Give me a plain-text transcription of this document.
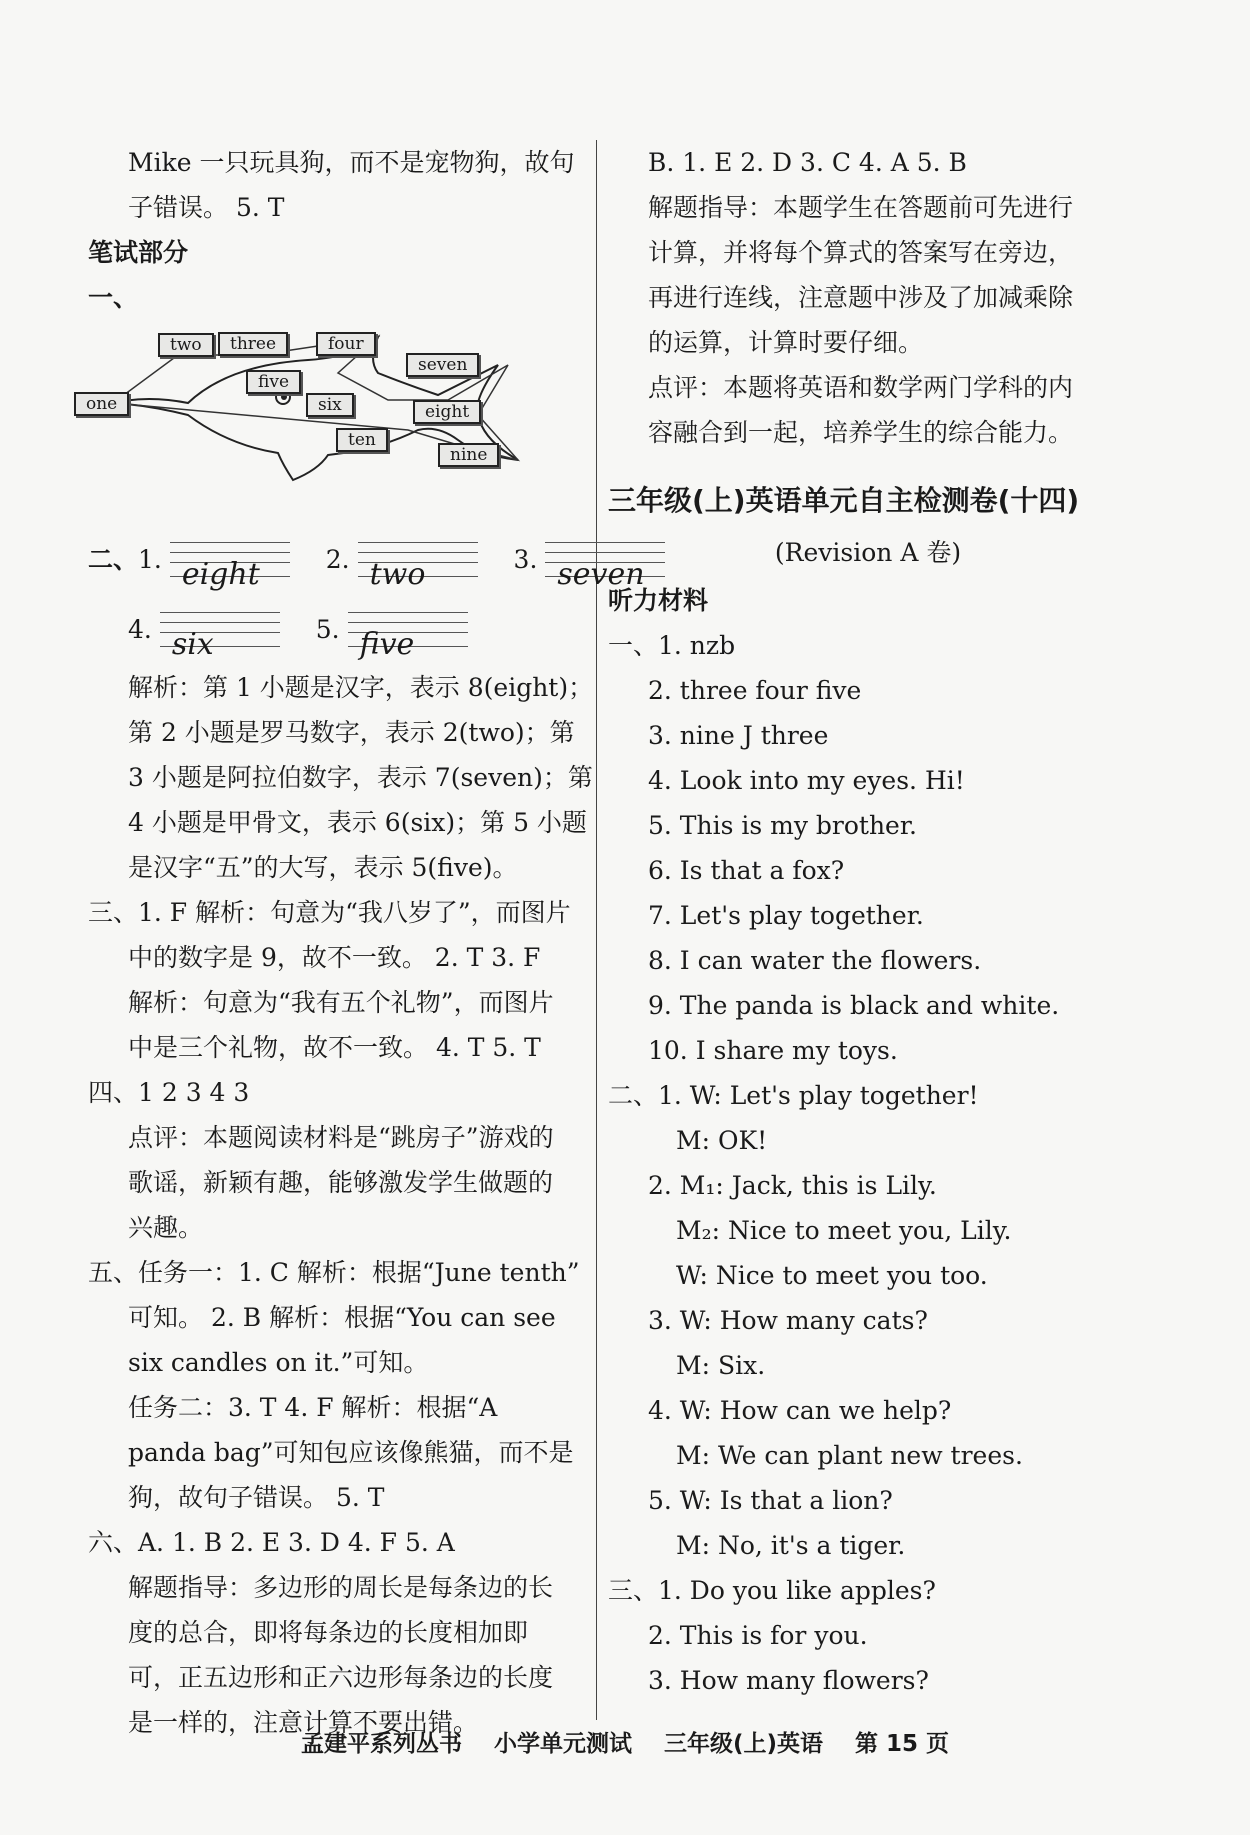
Mike 一只玩具狗，而不是宠物狗，故句
子错误。 5. T
笔试部分
一、
one
two	three	four
five
six
seven
eight
nine
ten
二、1. eight	2. two	3. seven
4. six	5. five
解析：第 1 小题是汉字，表示 8(eight)；
第 2 小题是罗马数字，表示 2(two)；第
3 小题是阿拉伯数字，表示 7(seven)；第
4 小题是甲骨文，表示 6(six)；第 5 小题
是汉字“五”的大写，表示 5(five)。
三、1. F 解析：句意为“我八岁了”，而图片
中的数字是 9，故不一致。 2. T 3. F
解析：句意为“我有五个礼物”，而图片
中是三个礼物，故不一致。 4. T 5. T
四、1 2 3 4 3
点评：本题阅读材料是“跳房子”游戏的
歌谣，新颖有趣，能够激发学生做题的
兴趣。
五、任务一：1. C 解析：根据“June tenth”
可知。 2. B 解析：根据“You can see
six candles on it.”可知。
任务二：3. T 4. F 解析：根据“A
panda bag”可知包应该像熊猫，而不是
狗，故句子错误。 5. T
六、A. 1. B 2. E 3. D 4. F 5. A
解题指导：多边形的周长是每条边的长
度的总合，即将每条边的长度相加即
可，正五边形和正六边形每条边的长度
是一样的，注意计算不要出错。
B. 1. E 2. D 3. C 4. A 5. B
解题指导：本题学生在答题前可先进行
计算，并将每个算式的答案写在旁边，
再进行连线，注意题中涉及了加减乘除
的运算，计算时要仔细。
点评：本题将英语和数学两门学科的内
容融合到一起，培养学生的综合能力。
三年级(上)英语单元自主检测卷(十四)
(Revision A 卷)
听力材料
一、1. nzb
2. three four five
3. nine J three
4. Look into my eyes. Hi!
5. This is my brother.
6. Is that a fox?
7. Let's play together.
8. I can water the flowers.
9. The panda is black and white.
10. I share my toys.
二、1. W: Let's play together!
M: OK!
2. M₁: Jack, this is Lily.
M₂: Nice to meet you, Lily.
W: Nice to meet you too.
3. W: How many cats?
M: Six.
4. W: How can we help?
M: We can plant new trees.
5. W: Is that a lion?
M: No, it's a tiger.
三、1. Do you like apples?
2. This is for you.
3. How many flowers?
孟建平系列丛书 小学单元测试 三年级(上)英语 第 15 页
